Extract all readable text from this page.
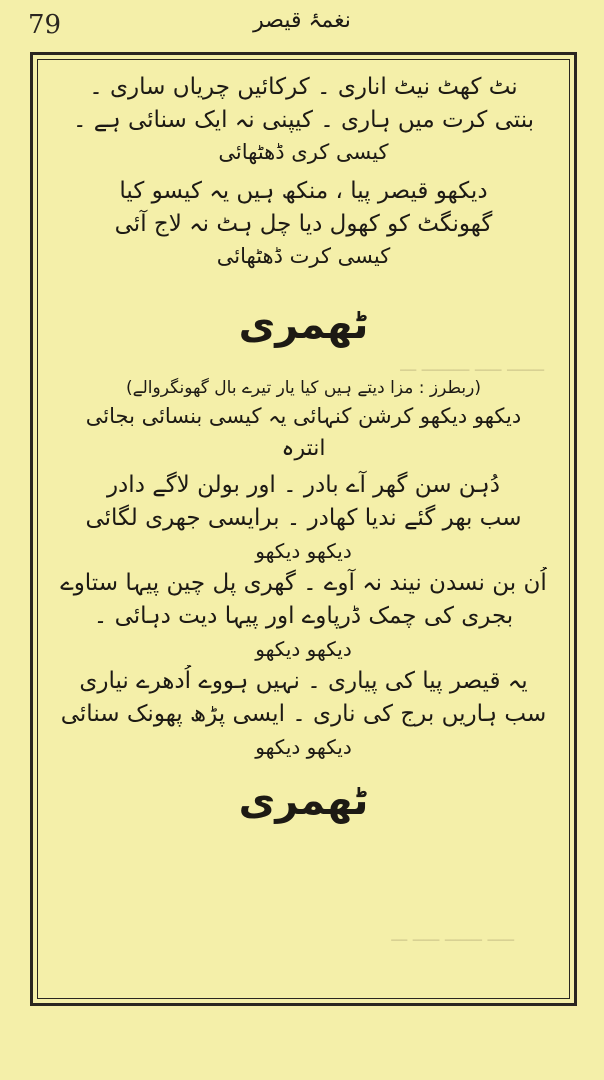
79	نغمۂ قیصر
‏ـــــــ ـــــ ـــــــــ ـــ
‏ـــــ ـــــــ ـــــ ـــ
نٹ کھٹ نیٹ اناری ۔ کرکائیں چریاں ساری ۔
بنتی کرت میں ہاری ۔ کیپنی نہ ایک سنائی ہے ۔
کیسی کری ڈھٹھائی
دیکھو قیصر پیا ، منکھ ہیں یہ کیسو کیا
گھونگٹ کو کھول دیا چل ہٹ نہ لاج آئی
کیسی کرت ڈھٹھائی
ٹھمری
(ربطرز : مزا دیتے ہیں کیا یار تیرے بال گھونگروالے)
دیکھو دیکھو کرشن کنہائی یہ کیسی بنسائی بجائی
انترہ
دُہن سن گھر آے بادر ۔ اور بولن لاگے دادر
سب بھر گئے ندیا کھادر ۔ برایسی جھری لگائی
دیکھو دیکھو
اُن بن نسدن نیند نہ آوے ۔ گھری پل چین پیہا ستاوے
بجری کی چمک ڈرپاوے اور پیہا دیت دہائی ۔
دیکھو دیکھو
یہ قیصر پیا کی پیاری ۔ نہیں ہووے اُدھرے نیاری
سب ہاریں برج کی ناری ۔ ایسی پڑھ پھونک سنائی
دیکھو دیکھو
ٹھمری
